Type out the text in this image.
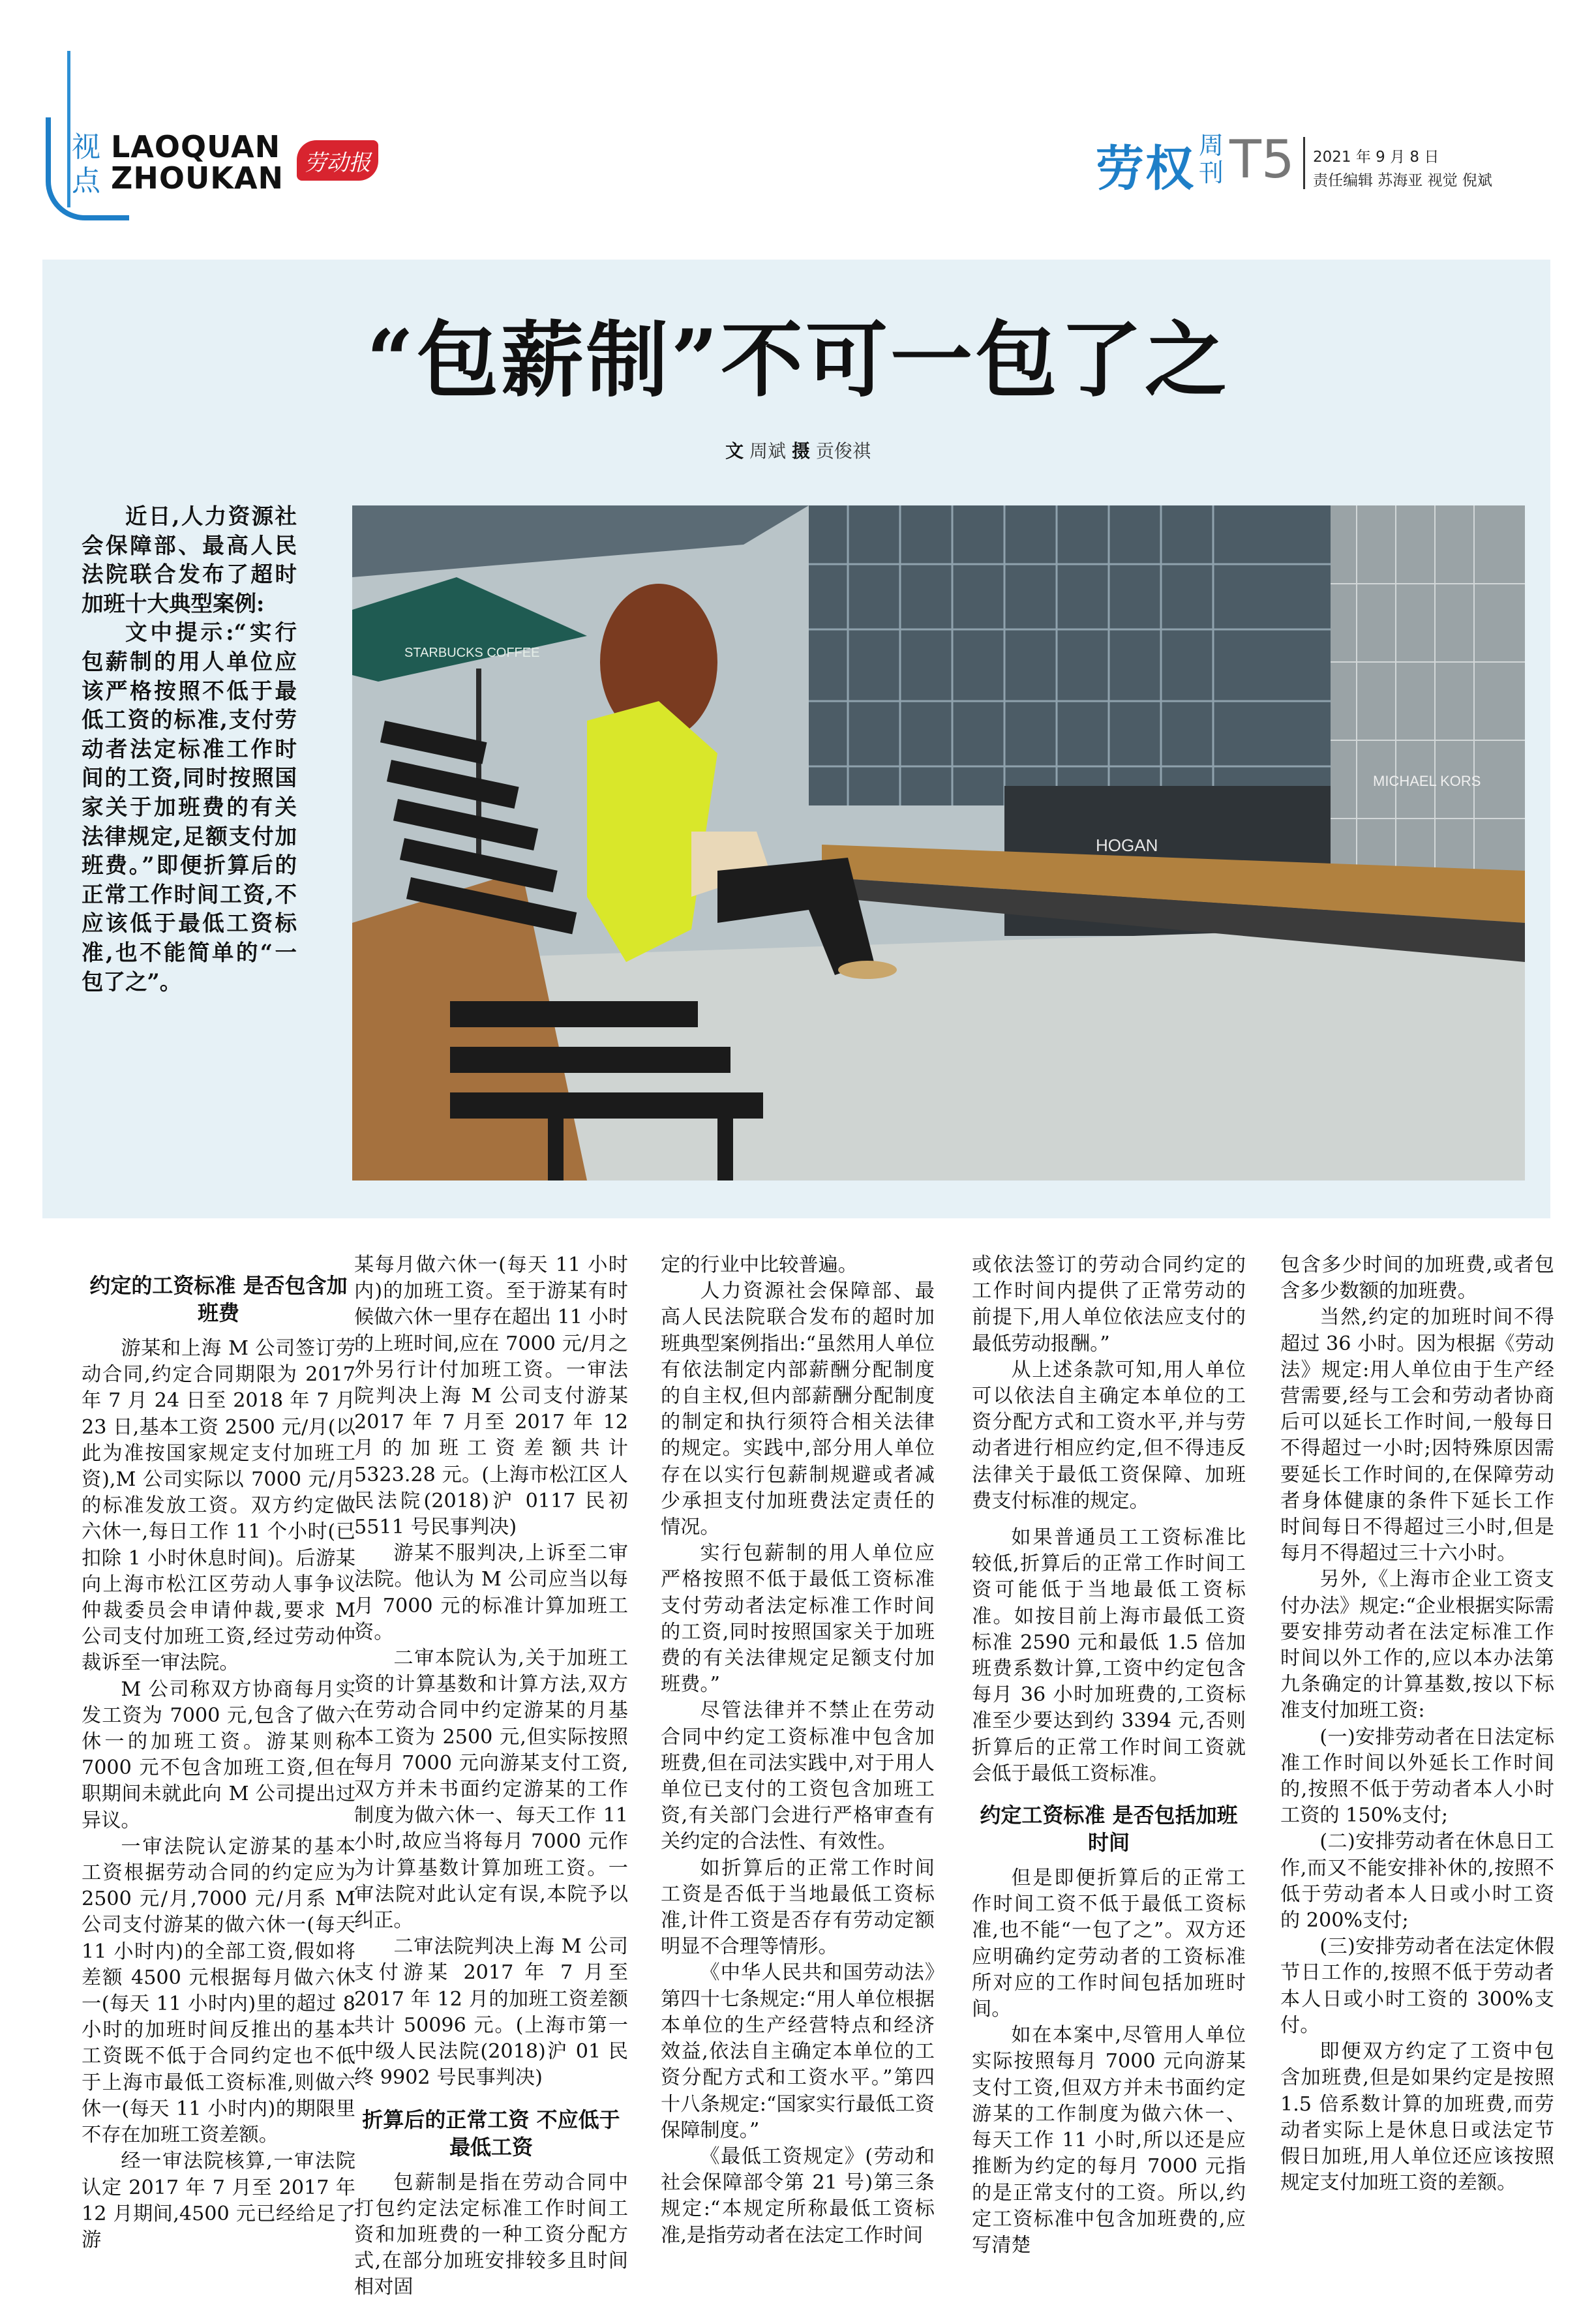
视点
LAOQUAN
ZHOUKAN 劳动报	劳权 周刊 T5 2021 年 9 月 8 日
责任编辑 苏海亚 视觉 倪斌
“包薪制”不可一包了之
文 周斌 摄 贡俊祺

近日,人力资源社会保障部、最高人民法院联合发布了超时加班十大典型案例:

文中提示:“实行包薪制的用人单位应该严格按照不低于最低工资的标准,支付劳动者法定标准工作时间的工资,同时按照国家关于加班费的有关法律规定,足额支付加班费。”即便折算后的正常工作时间工资,不应该低于最低工资标准,也不能简单的“一包了之”。

HOGAN
MICHAEL KORS
STARBUCKS COFFEE
约定的工资标准 是否包含加班费

游某和上海 M 公司签订劳动合同,约定合同期限为 2017 年 7 月 24 日至 2018 年 7 月 23 日,基本工资 2500 元/月(以此为准按国家规定支付加班工资),M 公司实际以 7000 元/月的标准发放工资。双方约定做六休一,每日工作 11 个小时(已扣除 1 小时休息时间)。后游某向上海市松江区劳动人事争议仲裁委员会申请仲裁,要求 M 公司支付加班工资,经过劳动仲裁诉至一审法院。

M 公司称双方协商每月实发工资为 7000 元,包含了做六休一的加班工资。游某则称 7000 元不包含加班工资,但在职期间未就此向 M 公司提出过异议。

一审法院认定游某的基本工资根据劳动合同的约定应为 2500 元/月,7000 元/月系 M 公司支付游某的做六休一(每天 11 小时内)的全部工资,假如将差额 4500 元根据每月做六休一(每天 11 小时内)里的超过 8 小时的加班时间反推出的基本工资既不低于合同约定也不低于上海市最低工资标准,则做六休一(每天 11 小时内)的期限里不存在加班工资差额。

经一审法院核算,一审法院认定 2017 年 7 月至 2017 年 12 月期间,4500 元已经给足了游

某每月做六休一(每天 11 小时内)的加班工资。至于游某有时候做六休一里存在超出 11 小时的上班时间,应在 7000 元/月之外另行计付加班工资。一审法院判决上海 M 公司支付游某 2017 年 7 月至 2017 年 12 月的加班工资差额共计 5323.28 元。(上海市松江区人民法院(2018)沪 0117 民初 5511 号民事判决)

游某不服判决,上诉至二审法院。他认为 M 公司应当以每月 7000 元的标准计算加班工资。

二审本院认为,关于加班工资的计算基数和计算方法,双方在劳动合同中约定游某的月基本工资为 2500 元,但实际按照每月 7000 元向游某支付工资,双方并未书面约定游某的工作制度为做六休一、每天工作 11 小时,故应当将每月 7000 元作为计算基数计算加班工资。一审法院对此认定有误,本院予以纠正。

二审法院判决上海 M 公司支付游某 2017 年 7 月至 2017 年 12 月的加班工资差额共计 50096 元。(上海市第一中级人民法院(2018)沪 01 民终 9902 号民事判决)

折算后的正常工资 不应低于最低工资

包薪制是指在劳动合同中打包约定法定标准工作时间工资和加班费的一种工资分配方式,在部分加班安排较多且时间相对固

定的行业中比较普遍。

人力资源社会保障部、最高人民法院联合发布的超时加班典型案例指出:“虽然用人单位有依法制定内部薪酬分配制度的自主权,但内部薪酬分配制度的制定和执行须符合相关法律的规定。实践中,部分用人单位存在以实行包薪制规避或者减少承担支付加班费法定责任的情况。

实行包薪制的用人单位应严格按照不低于最低工资标准支付劳动者法定标准工作时间的工资,同时按照国家关于加班费的有关法律规定足额支付加班费。”

尽管法律并不禁止在劳动合同中约定工资标准中包含加班费,但在司法实践中,对于用人单位已支付的工资包含加班工资,有关部门会进行严格审查有关约定的合法性、有效性。

如折算后的正常工作时间工资是否低于当地最低工资标准,计件工资是否存有劳动定额明显不合理等情形。

《中华人民共和国劳动法》第四十七条规定:“用人单位根据本单位的生产经营特点和经济效益,依法自主确定本单位的工资分配方式和工资水平。”第四十八条规定:“国家实行最低工资保障制度。”

《最低工资规定》(劳动和社会保障部令第 21 号)第三条规定:“本规定所称最低工资标准,是指劳动者在法定工作时间

或依法签订的劳动合同约定的工作时间内提供了正常劳动的前提下,用人单位依法应支付的最低劳动报酬。”

从上述条款可知,用人单位可以依法自主确定本单位的工资分配方式和工资水平,并与劳动者进行相应约定,但不得违反法律关于最低工资保障、加班费支付标准的规定。

如果普通员工工资标准比较低,折算后的正常工作时间工资可能低于当地最低工资标准。如按目前上海市最低工资标准 2590 元和最低 1.5 倍加班费系数计算,工资中约定包含每月 36 小时加班费的,工资标准至少要达到约 3394 元,否则折算后的正常工作时间工资就会低于最低工资标准。

约定工资标准 是否包括加班时间

但是即便折算后的正常工作时间工资不低于最低工资标准,也不能“一包了之”。双方还应明确约定劳动者的工资标准所对应的工作时间包括加班时间。

如在本案中,尽管用人单位实际按照每月 7000 元向游某支付工资,但双方并未书面约定游某的工作制度为做六休一、每天工作 11 小时,所以还是应推断为约定的每月 7000 元指的是正常支付的工资。所以,约定工资标准中包含加班费的,应写清楚

包含多少时间的加班费,或者包含多少数额的加班费。

当然,约定的加班时间不得超过 36 小时。因为根据《劳动法》规定:用人单位由于生产经营需要,经与工会和劳动者协商后可以延长工作时间,一般每日不得超过一小时;因特殊原因需要延长工作时间的,在保障劳动者身体健康的条件下延长工作时间每日不得超过三小时,但是每月不得超过三十六小时。

另外,《上海市企业工资支付办法》规定:“企业根据实际需要安排劳动者在法定标准工作时间以外工作的,应以本办法第九条确定的计算基数,按以下标准支付加班工资:

(一)安排劳动者在日法定标准工作时间以外延长工作时间的,按照不低于劳动者本人小时工资的 150%支付;

(二)安排劳动者在休息日工作,而又不能安排补休的,按照不低于劳动者本人日或小时工资的 200%支付;

(三)安排劳动者在法定休假节日工作的,按照不低于劳动者本人日或小时工资的 300%支付。

即便双方约定了工资中包含加班费,但是如果约定是按照 1.5 倍系数计算的加班费,而劳动者实际上是休息日或法定节假日加班,用人单位还应该按照规定支付加班工资的差额。
